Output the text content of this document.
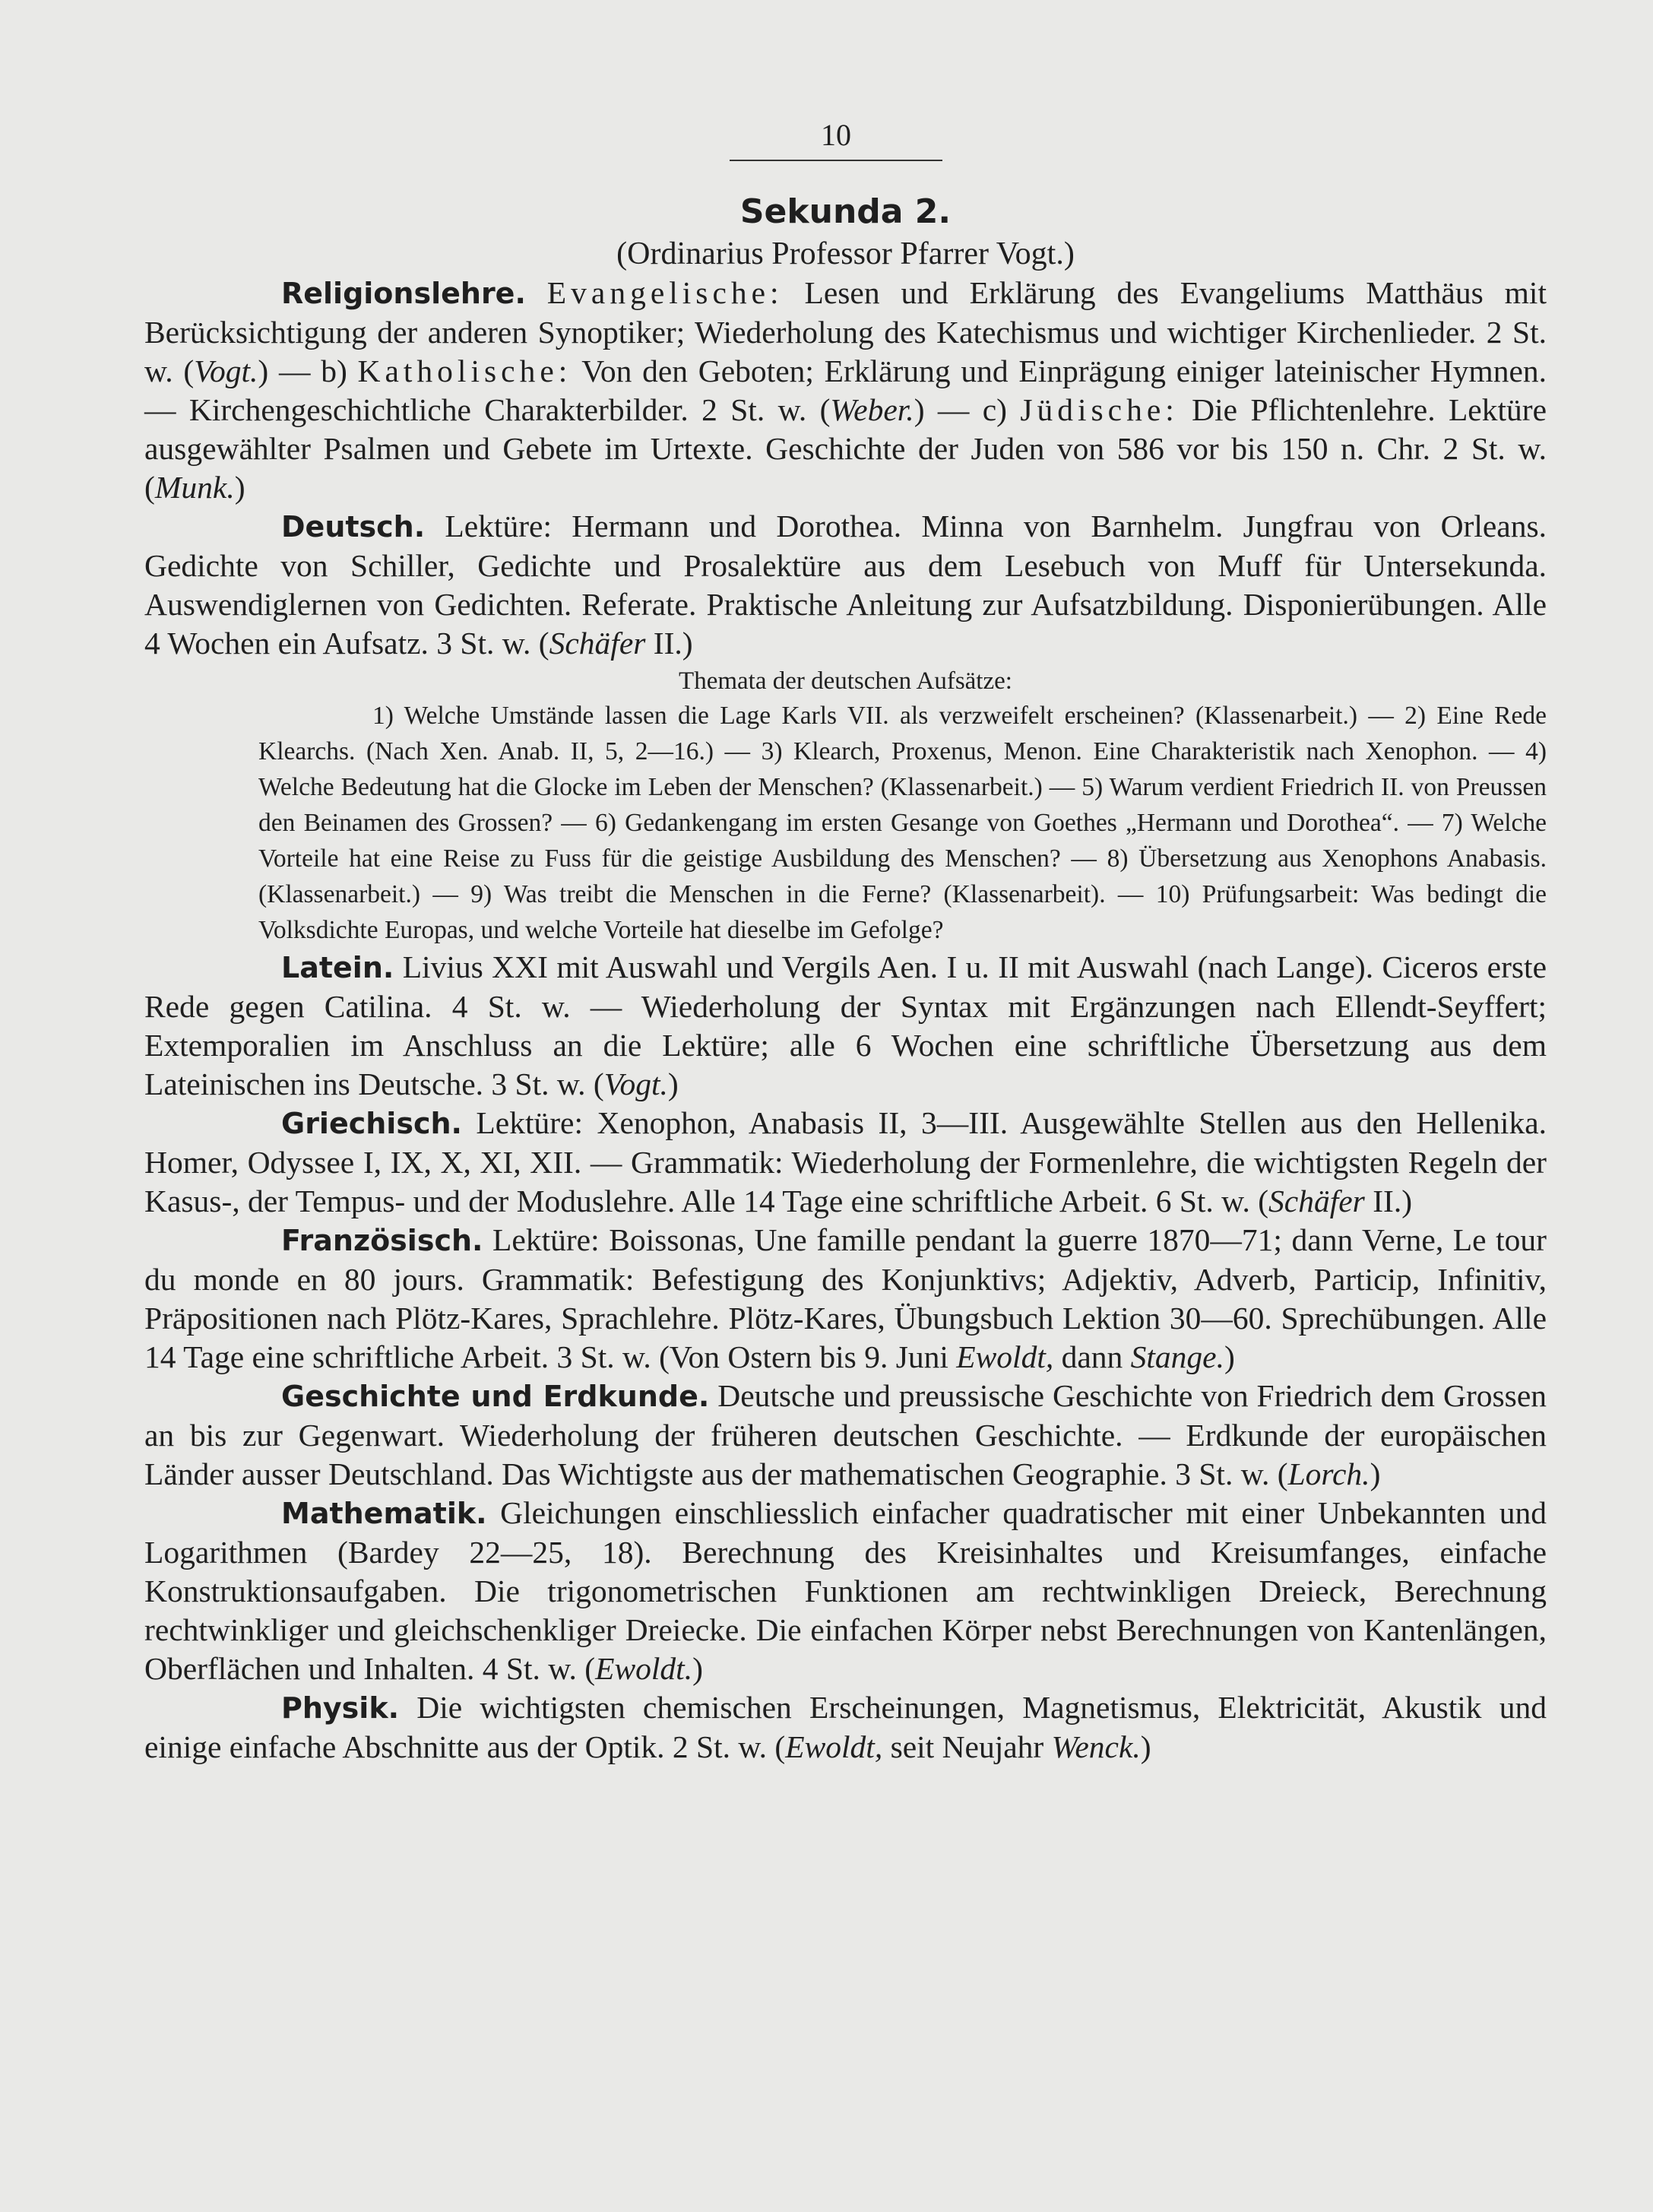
10

Sekunda 2.

(Ordinarius Professor Pfarrer Vogt.)

Religionslehre. Evangelische: Lesen und Erklärung des Evangeliums Matthäus mit Berücksichtigung der anderen Synoptiker; Wiederholung des Katechismus und wichtiger Kirchenlieder. 2 St. w. (Vogt.) — b) Katholische: Von den Geboten; Erklärung und Einprägung einiger lateinischer Hymnen. — Kirchengeschichtliche Charakterbilder. 2 St. w. (Weber.) — c) Jüdische: Die Pflichtenlehre. Lektüre ausgewählter Psalmen und Gebete im Urtexte. Geschichte der Juden von 586 vor bis 150 n. Chr. 2 St. w. (Munk.)

Deutsch. Lektüre: Hermann und Dorothea. Minna von Barnhelm. Jungfrau von Orleans. Gedichte von Schiller, Gedichte und Prosalektüre aus dem Lesebuch von Muff für Untersekunda. Auswendiglernen von Gedichten. Referate. Praktische Anleitung zur Aufsatzbildung. Disponierübungen. Alle 4 Wochen ein Aufsatz. 3 St. w. (Schäfer II.)

Themata der deutschen Aufsätze:

1) Welche Umstände lassen die Lage Karls VII. als verzweifelt erscheinen? (Klassenarbeit.) — 2) Eine Rede Klearchs. (Nach Xen. Anab. II, 5, 2—16.) — 3) Klearch, Proxenus, Menon. Eine Charakteristik nach Xenophon. — 4) Welche Bedeutung hat die Glocke im Leben der Menschen? (Klassenarbeit.) — 5) Warum verdient Friedrich II. von Preussen den Beinamen des Grossen? — 6) Gedankengang im ersten Gesange von Goethes „Hermann und Dorothea“. — 7) Welche Vorteile hat eine Reise zu Fuss für die geistige Ausbildung des Menschen? — 8) Übersetzung aus Xenophons Anabasis. (Klassenarbeit.) — 9) Was treibt die Menschen in die Ferne? (Klassenarbeit). — 10) Prüfungsarbeit: Was bedingt die Volksdichte Europas, und welche Vorteile hat dieselbe im Gefolge?

Latein. Livius XXI mit Auswahl und Vergils Aen. I u. II mit Auswahl (nach Lange). Ciceros erste Rede gegen Catilina. 4 St. w. — Wiederholung der Syntax mit Ergänzungen nach Ellendt-Seyffert; Extemporalien im Anschluss an die Lektüre; alle 6 Wochen eine schriftliche Übersetzung aus dem Lateinischen ins Deutsche. 3 St. w. (Vogt.)

Griechisch. Lektüre: Xenophon, Anabasis II, 3—III. Ausgewählte Stellen aus den Hellenika. Homer, Odyssee I, IX, X, XI, XII. — Grammatik: Wiederholung der Formenlehre, die wichtigsten Regeln der Kasus-, der Tempus- und der Moduslehre. Alle 14 Tage eine schriftliche Arbeit. 6 St. w. (Schäfer II.)

Französisch. Lektüre: Boissonas, Une famille pendant la guerre 1870—71; dann Verne, Le tour du monde en 80 jours. Grammatik: Befestigung des Konjunktivs; Adjektiv, Adverb, Particip, Infinitiv, Präpositionen nach Plötz-Kares, Sprachlehre. Plötz-Kares, Übungsbuch Lektion 30—60. Sprechübungen. Alle 14 Tage eine schriftliche Arbeit. 3 St. w. (Von Ostern bis 9. Juni Ewoldt, dann Stange.)

Geschichte und Erdkunde. Deutsche und preussische Geschichte von Friedrich dem Grossen an bis zur Gegenwart. Wiederholung der früheren deutschen Geschichte. — Erdkunde der europäischen Länder ausser Deutschland. Das Wichtigste aus der mathematischen Geographie. 3 St. w. (Lorch.)

Mathematik. Gleichungen einschliesslich einfacher quadratischer mit einer Unbekannten und Logarithmen (Bardey 22—25, 18). Berechnung des Kreisinhaltes und Kreisumfanges, einfache Konstruktionsaufgaben. Die trigonometrischen Funktionen am rechtwinkligen Dreieck, Berechnung rechtwinkliger und gleichschenkliger Dreiecke. Die einfachen Körper nebst Berechnungen von Kantenlängen, Oberflächen und Inhalten. 4 St. w. (Ewoldt.)

Physik. Die wichtigsten chemischen Erscheinungen, Magnetismus, Elektricität, Akustik und einige einfache Abschnitte aus der Optik. 2 St. w. (Ewoldt, seit Neujahr Wenck.)
